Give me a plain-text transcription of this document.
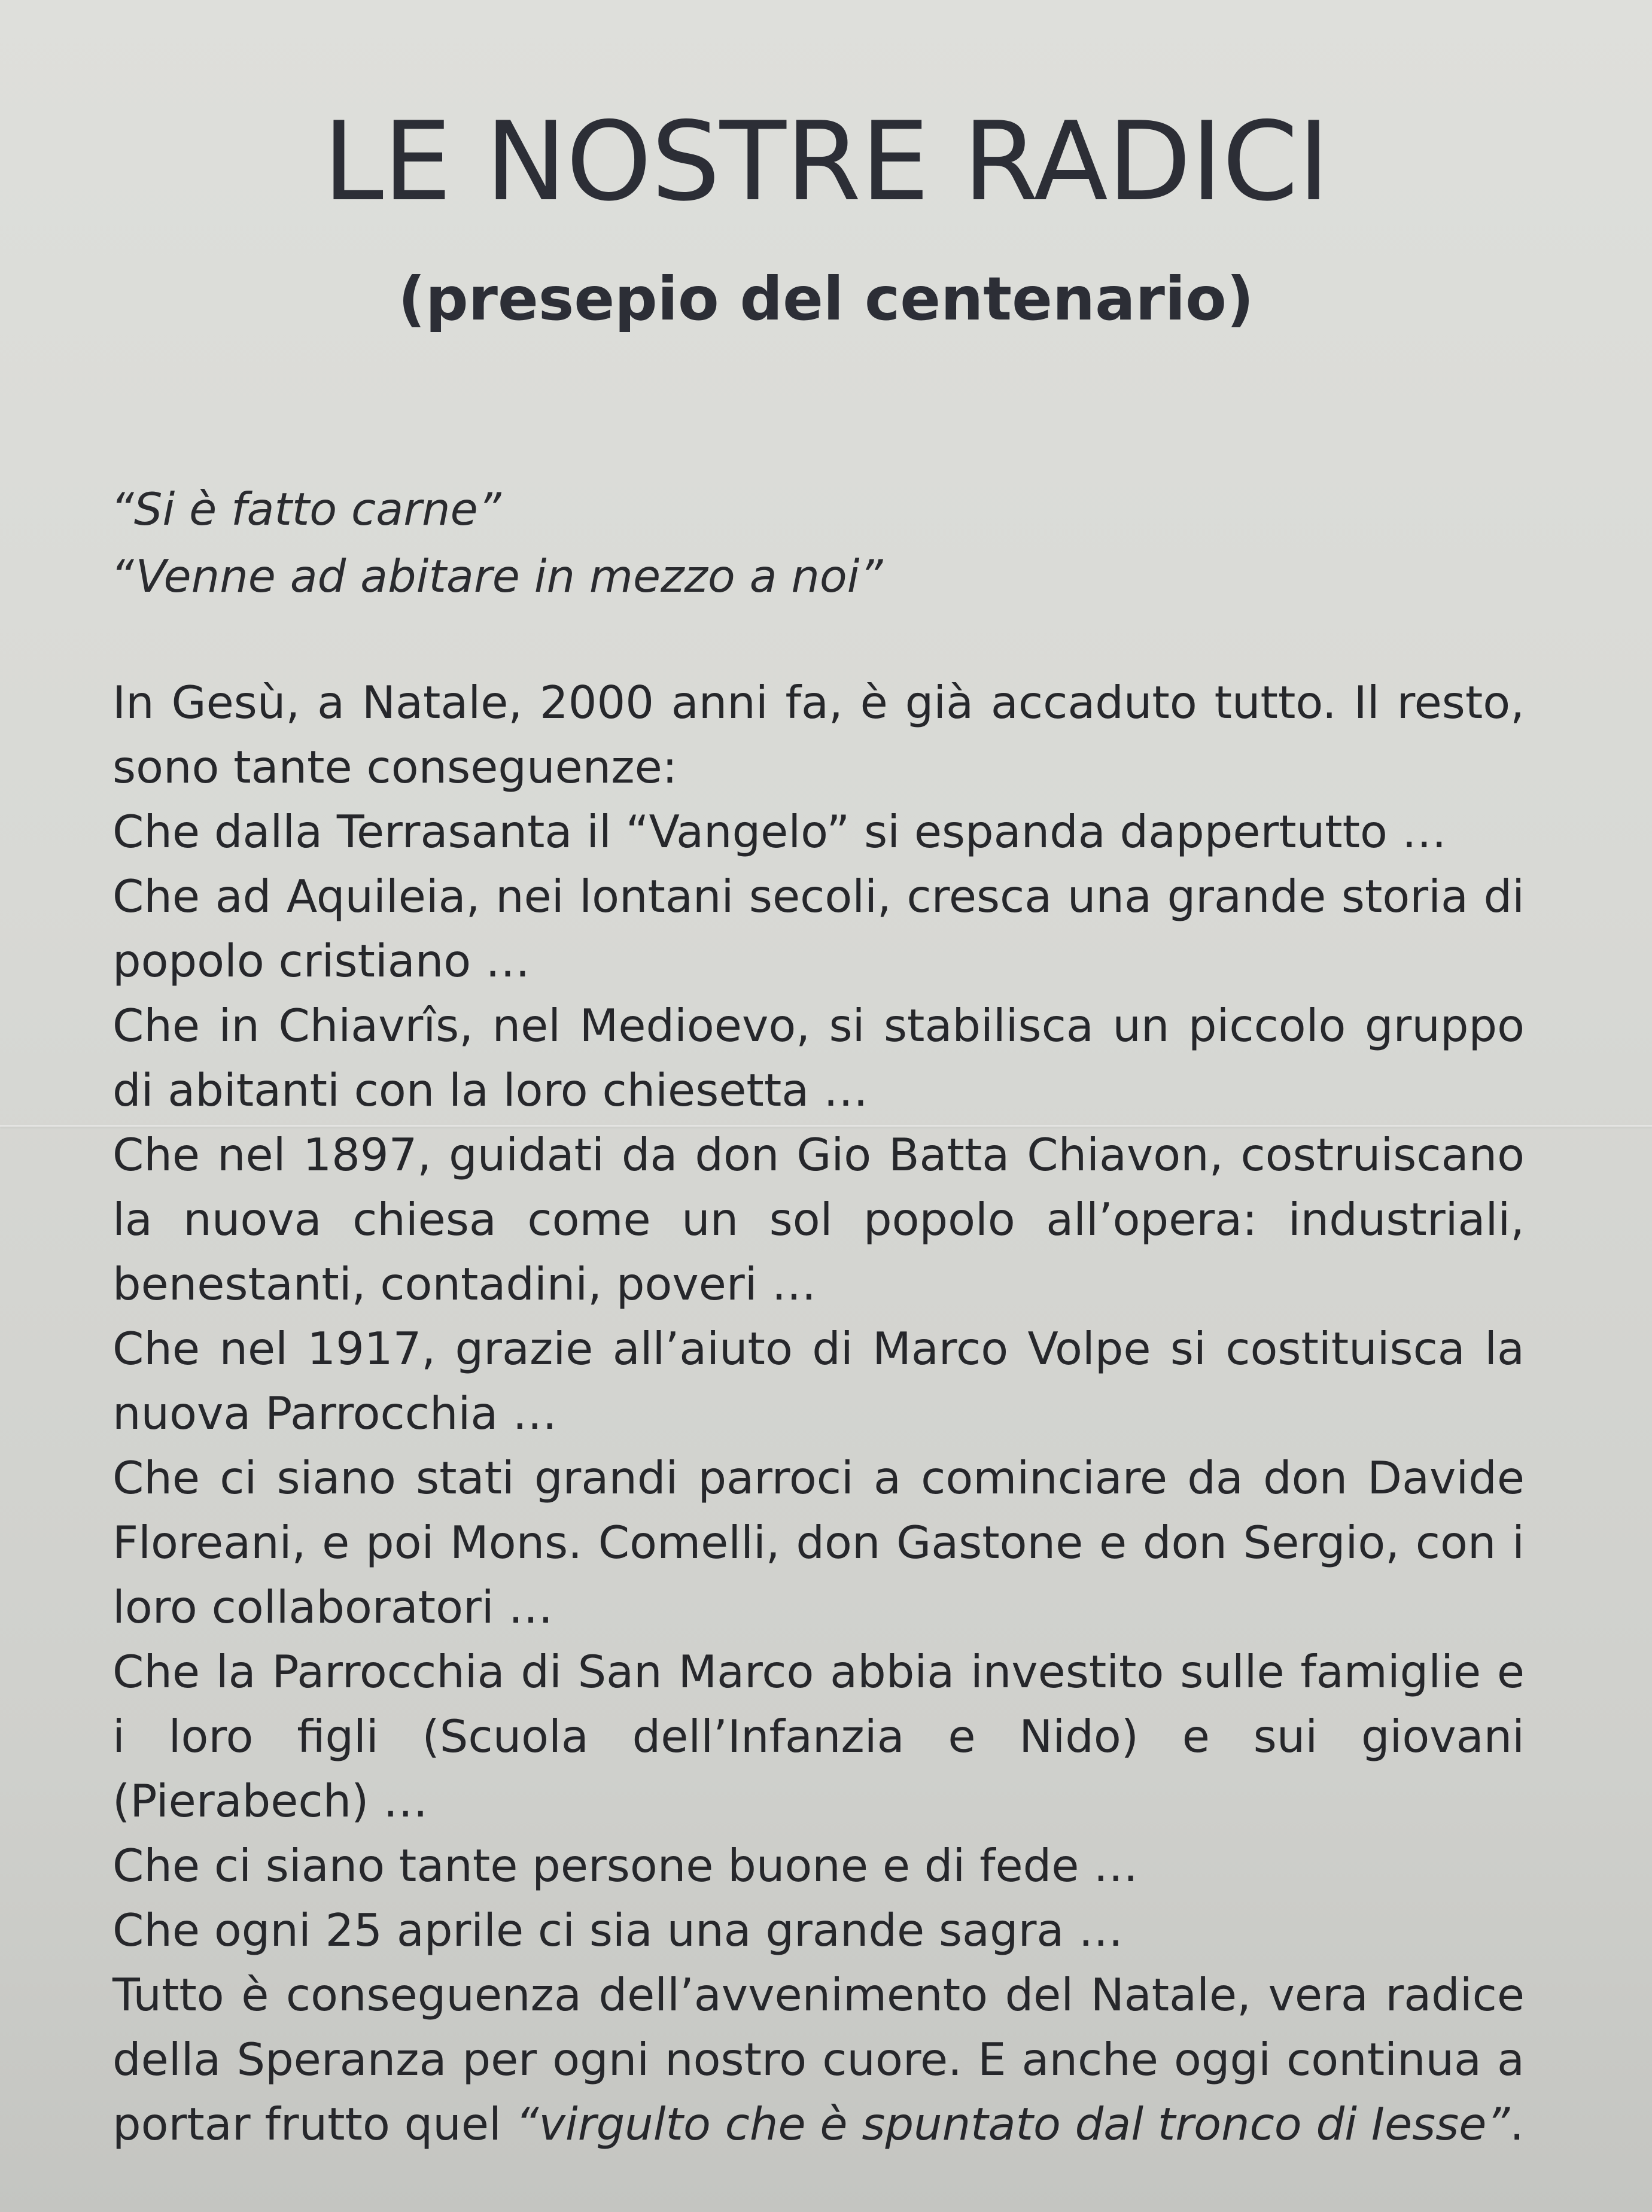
LE NOSTRE RADICI
(presepio del centenario)
“Si è fatto carne”
“Venne ad abitare in mezzo a noi”

In Gesù, a Natale, 2000 anni fa, è già accaduto tutto. Il resto, sono tante conseguenze:

Che dalla Terrasanta il “Vangelo” si espanda dappertutto …

Che ad Aquileia, nei lontani secoli, cresca una grande storia di popolo cristiano …

Che in Chiavrîs, nel Medioevo, si stabilisca un piccolo gruppo di abitanti con la loro chiesetta …

Che nel 1897, guidati da don Gio Batta Chiavon, costruiscano la nuova chiesa come un sol popolo all’opera: industriali, benestanti, contadini, poveri …

Che nel 1917, grazie all’aiuto di Marco Volpe si costituisca la nuova Parrocchia …

Che ci siano stati grandi parroci a cominciare da don Davide Floreani, e poi Mons. Comelli, don Gastone e don Sergio, con i loro collaboratori …

Che la Parrocchia di San Marco abbia investito sulle famiglie e i loro figli (Scuola dell’Infanzia e Nido) e sui giovani (Pierabech) …

Che ci siano tante persone buone e di fede …

Che ogni 25 aprile ci sia una grande sagra …

Tutto è conseguenza dell’avvenimento del Natale, vera radice della Speranza per ogni nostro cuore. E anche oggi continua a portar frutto quel “virgulto che è spuntato dal tronco di Iesse”.
